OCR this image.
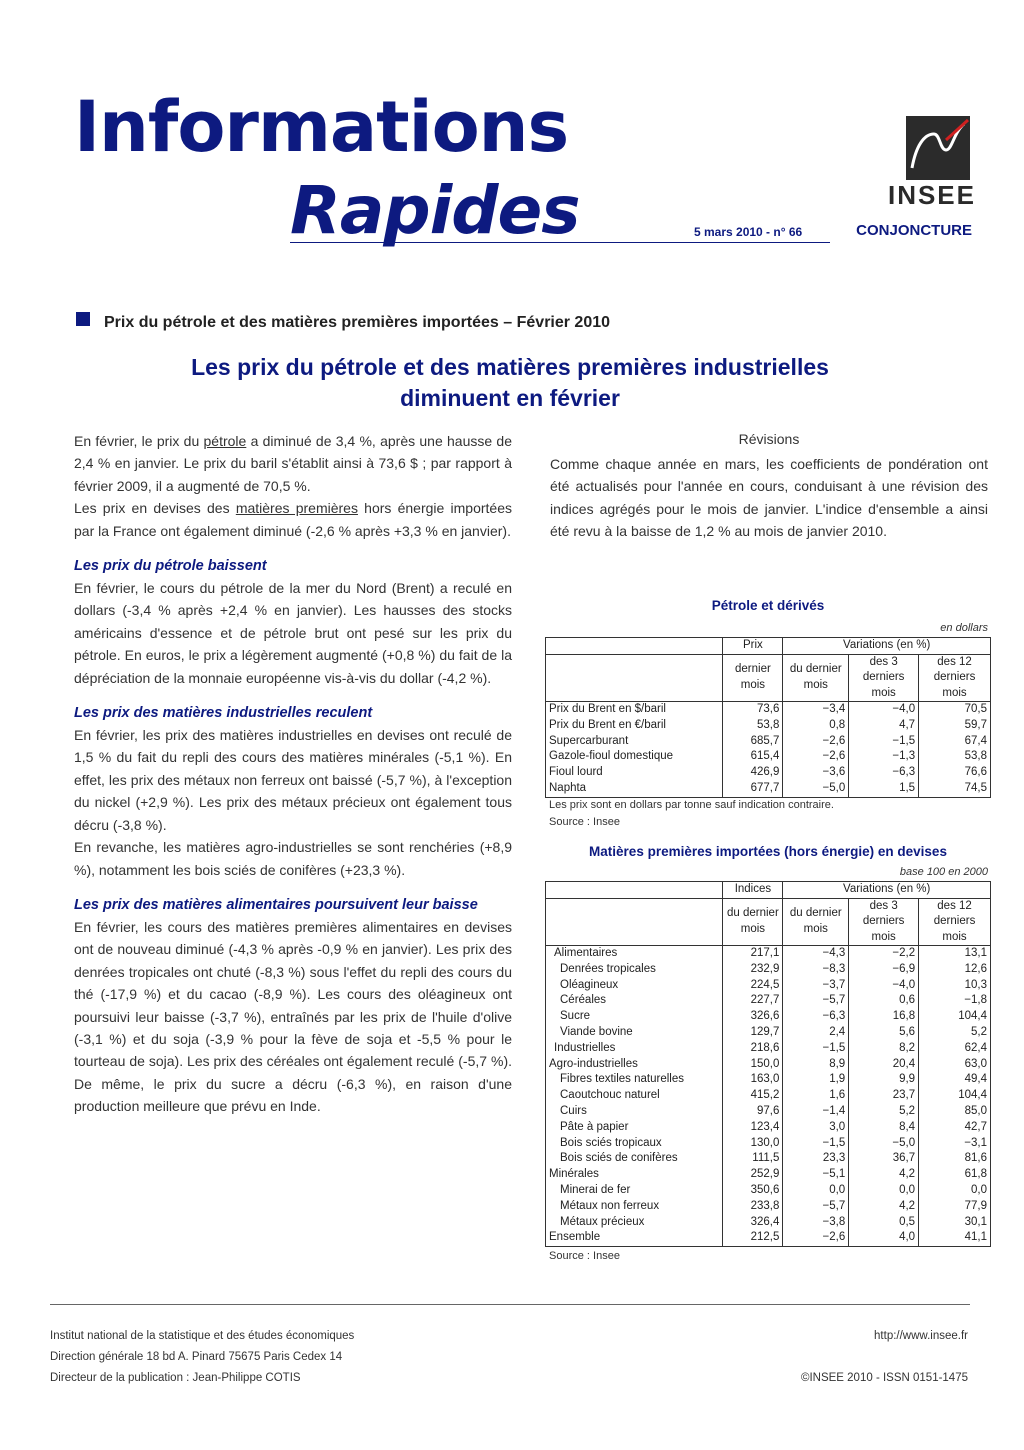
Informations
Rapides	5 mars 2010 - n° 66
INSEE
CONJONCTURE
Prix du pétrole et des matières premières importées – Février 2010
Les prix du pétrole et des matières premières industrielles
diminuent en février

En février, le prix du pétrole a diminué de 3,4 %, après une hausse de 2,4 % en janvier. Le prix du baril s'établit ainsi à 73,6 $ ; par rapport à février 2009, il a augmenté de 70,5 %.

Les prix en devises des matières premières hors énergie importées par la France ont également diminué (-2,6 % après +3,3 % en janvier).

Les prix du pétrole baissent

En février, le cours du pétrole de la mer du Nord (Brent) a reculé en dollars (-3,4 % après +2,4 % en janvier). Les hausses des stocks américains d'essence et de pétrole brut ont pesé sur les prix du pétrole. En euros, le prix a légèrement augmenté (+0,8 %) du fait de la dépréciation de la monnaie européenne vis-à-vis du dollar (-4,2 %).

Les prix des matières industrielles reculent

En février, les prix des matières industrielles en devises ont reculé de 1,5 % du fait du repli des cours des matières minérales (-5,1 %). En effet, les prix des métaux non ferreux ont baissé (-5,7 %), à l'exception du nickel (+2,9 %). Les prix des métaux précieux ont également tous décru (-3,8 %).

En revanche, les matières agro-industrielles se sont renchéries (+8,9 %), notamment les bois sciés de conifères (+23,3 %).

Les prix des matières alimentaires poursuivent leur baisse

En février, les cours des matières premières alimentaires en devises ont de nouveau diminué (-4,3 % après -0,9 % en janvier). Les prix des denrées tropicales ont chuté (-8,3 %) sous l'effet du repli des cours du thé (-17,9 %) et du cacao (-8,9 %). Les cours des oléagineux ont poursuivi leur baisse (-3,7 %), entraînés par les prix de l'huile d'olive (-3,1 %) et du soja (-3,9 % pour la fève de soja et -5,5 % pour le tourteau de soja). Les prix des céréales ont également reculé (-5,7 %). De même, le prix du sucre a décru (-6,3 %), en raison d'une production meilleure que prévu en Inde.

Révisions

Comme chaque année en mars, les coefficients de pondération ont été actualisés pour l'année en cours, conduisant à une révision des indices agrégés pour le mois de janvier. L'indice d'ensemble a ainsi été revu à la baisse de 1,2 % au mois de janvier 2010.

Pétrole et dérivés
en dollars
	Prix	Variations (en %)		
	dernier mois	du dernier mois	des 3 derniers mois	des 12 derniers mois
Prix du Brent en $/baril	73,6	−3,4	−4,0	70,5
Prix du Brent en €/baril	53,8	0,8	4,7	59,7
Supercarburant	685,7	−2,6	−1,5	67,4
Gazole-fioul domestique	615,4	−2,6	−1,3	53,8
Fioul lourd	426,9	−3,6	−6,3	76,6
Naphta	677,7	−5,0	1,5	74,5
Les prix sont en dollars par tonne sauf indication contraire.
Source : Insee
Matières premières importées (hors énergie) en devises
base 100 en 2000
	Indices	Variations (en %)		
	du dernier mois	du dernier mois	des 3 derniers mois	des 12 derniers mois
Alimentaires	217,1	−4,3	−2,2	13,1
Denrées tropicales	232,9	−8,3	−6,9	12,6
Oléagineux	224,5	−3,7	−4,0	10,3
Céréales	227,7	−5,7	0,6	−1,8
Sucre	326,6	−6,3	16,8	104,4
Viande bovine	129,7	2,4	5,6	5,2
Industrielles	218,6	−1,5	8,2	62,4
Agro-industrielles	150,0	8,9	20,4	63,0
Fibres textiles naturelles	163,0	1,9	9,9	49,4
Caoutchouc naturel	415,2	1,6	23,7	104,4
Cuirs	97,6	−1,4	5,2	85,0
Pâte à papier	123,4	3,0	8,4	42,7
Bois sciés tropicaux	130,0	−1,5	−5,0	−3,1
Bois sciés de conifères	111,5	23,3	36,7	81,6
Minérales	252,9	−5,1	4,2	61,8
Minerai de fer	350,6	0,0	0,0	0,0
Métaux non ferreux	233,8	−5,7	4,2	77,9
Métaux précieux	326,4	−3,8	0,5	30,1
Ensemble	212,5	−2,6	4,0	41,1
Source : Insee
Institut national de la statistique et des études économiques
Direction générale 18 bd A. Pinard 75675 Paris Cedex 14
Directeur de la publication : Jean-Philippe COTIS
http://www.insee.fr
©INSEE 2010 - ISSN 0151-1475
